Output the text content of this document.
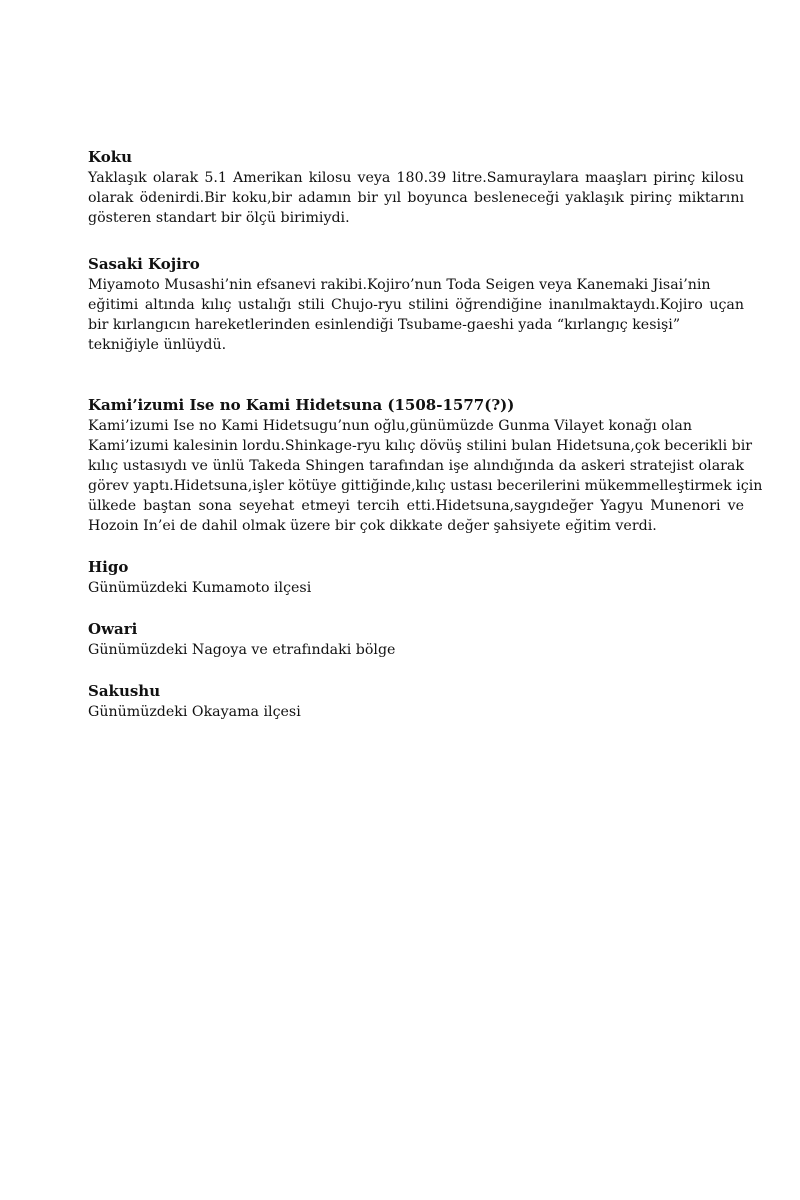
Koku

Yaklaşık olarak 5.1 Amerikan kilosu veya 180.39 litre.Samuraylara maaşları pirinç kilosu
olarak ödenirdi.Bir koku,bir adamın bir yıl boyunca besleneceği yaklaşık pirinç miktarını
gösteren standart bir ölçü birimiydi.

Sasaki Kojiro

Miyamoto Musashi’nin efsanevi rakibi.Kojiro’nun Toda Seigen veya Kanemaki Jisai’nin
eğitimi altında kılıç ustalığı stili Chujo-ryu stilini öğrendiğine inanılmaktaydı.Kojiro uçan
bir kırlangıcın hareketlerinden esinlendiği Tsubame-gaeshi yada “kırlangıç kesişi”
tekniğiyle ünlüydü.

Kami’izumi Ise no Kami Hidetsuna (1508-1577(?))

Kami’izumi Ise no Kami Hidetsugu’nun oğlu,günümüzde Gunma Vilayet konağı olan
Kami’izumi kalesinin lordu.Shinkage-ryu kılıç dövüş stilini bulan Hidetsuna,çok becerikli bir
kılıç ustasıydı ve ünlü Takeda Shingen tarafından işe alındığında da askeri stratejist olarak
görev yaptı.Hidetsuna,işler kötüye gittiğinde,kılıç ustası becerilerini mükemmelleştirmek için
ülkede baştan sona seyehat etmeyi tercih etti.Hidetsuna,saygıdeğer Yagyu Munenori ve
Hozoin In’ei de dahil olmak üzere bir çok dikkate değer şahsiyete eğitim verdi.

Higo

Günümüzdeki Kumamoto ilçesi

Owari

Günümüzdeki Nagoya ve etrafındaki bölge

Sakushu

Günümüzdeki Okayama ilçesi
